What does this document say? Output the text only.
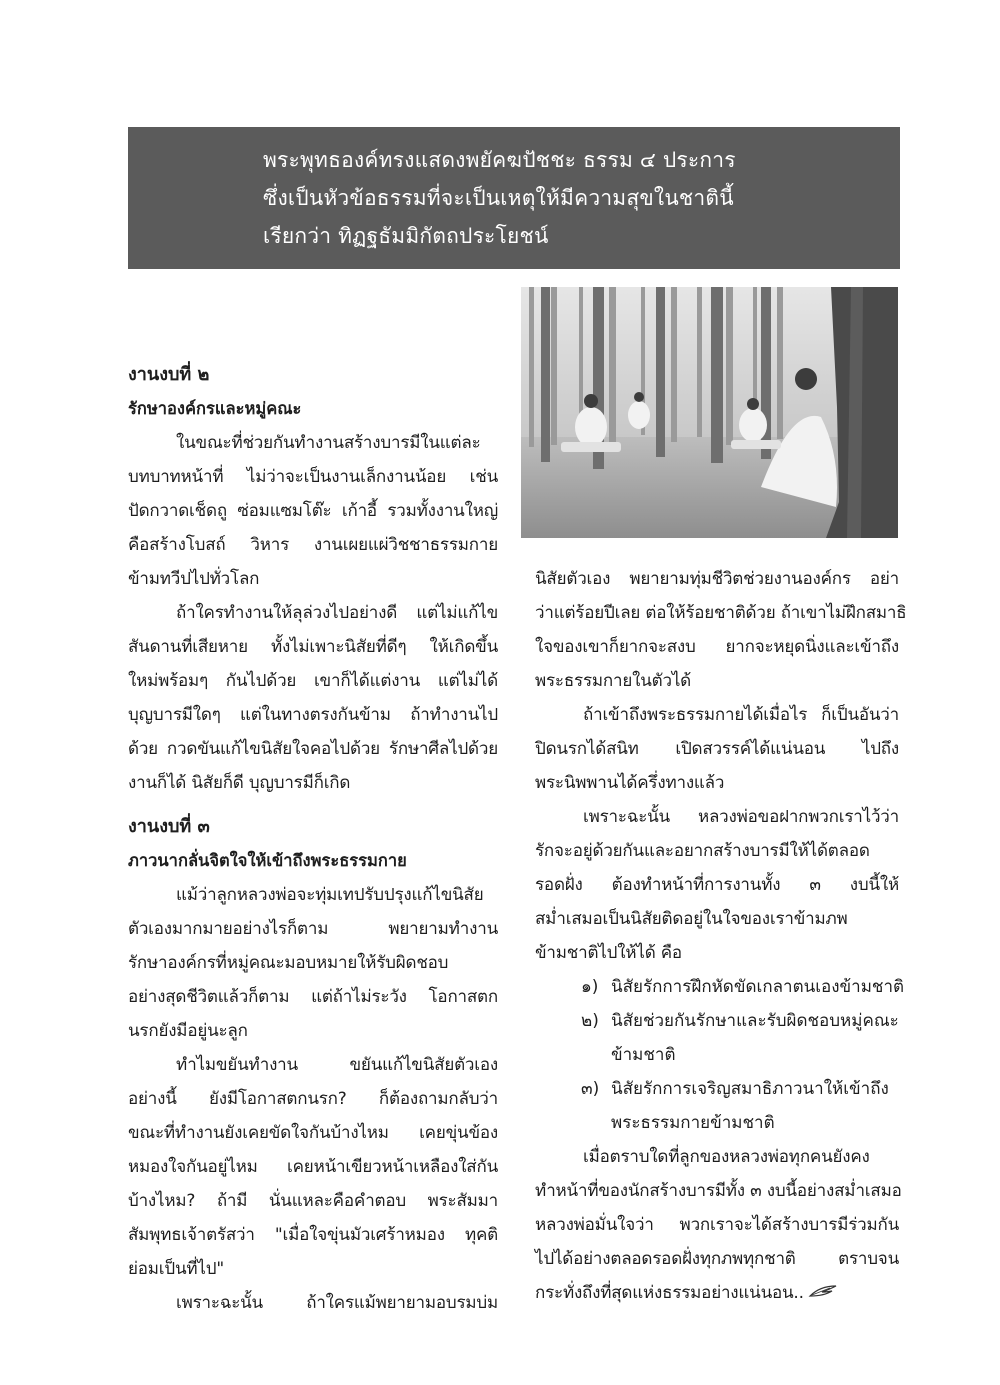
พระพุทธองค์ทรงแสดงพยัคฆปัชชะ ธรรม ๔ ประการ
ซึ่งเป็นหัวข้อธรรมที่จะเป็นเหตุให้มีความสุขในชาตินี้
เรียกว่า ทิฏฐธัมมิกัตถประโยชน์
งานงบที่ ๒
รักษาองค์กรและหมู่คณะ
ในขณะที่ช่วยกันทำงานสร้างบารมีในแต่ละ
บทบาทหน้าที่ ไม่ว่าจะเป็นงานเล็กงานน้อย เช่น
ปัดกวาดเช็ดถู ซ่อมแซมโต๊ะ เก้าอี้ รวมทั้งงานใหญ่
คือสร้างโบสถ์ วิหาร งานเผยแผ่วิชชาธรรมกาย
ข้ามทวีปไปทั่วโลก
ถ้าใครทำงานให้ลุล่วงไปอย่างดี แต่ไม่แก้ไข
สันดานที่เสียหาย ทั้งไม่เพาะนิสัยที่ดีๆ ให้เกิดขึ้น
ใหม่พร้อมๆ กันไปด้วย เขาก็ได้แต่งาน แต่ไม่ได้
บุญบารมีใดๆ แต่ในทางตรงกันข้าม ถ้าทำงานไป
ด้วย กวดขันแก้ไขนิสัยใจคอไปด้วย รักษาศีลไปด้วย
งานก็ได้ นิสัยก็ดี บุญบารมีก็เกิด
งานงบที่ ๓
ภาวนากลั่นจิตใจให้เข้าถึงพระธรรมกาย
แม้ว่าลูกหลวงพ่อจะทุ่มเทปรับปรุงแก้ไขนิสัย
ตัวเองมากมายอย่างไรก็ตาม พยายามทำงาน
รักษาองค์กรที่หมู่คณะมอบหมายให้รับผิดชอบ
อย่างสุดชีวิตแล้วก็ตาม แต่ถ้าไม่ระวัง โอกาสตก
นรกยังมีอยู่นะลูก
ทำไมขยันทำงาน ขยันแก้ไขนิสัยตัวเอง
อย่างนี้ ยังมีโอกาสตกนรก? ก็ต้องถามกลับว่า
ขณะที่ทำงานยังเคยขัดใจกันบ้างไหม เคยขุ่นข้อง
หมองใจกันอยู่ไหม เคยหน้าเขียวหน้าเหลืองใส่กัน
บ้างไหม? ถ้ามี นั่นแหละคือคำตอบ พระสัมมา
สัมพุทธเจ้าตรัสว่า "เมื่อใจขุ่นมัวเศร้าหมอง ทุคติ
ย่อมเป็นที่ไป"
เพราะฉะนั้น ถ้าใครแม้พยายามอบรมบ่ม
นิสัยตัวเอง พยายามทุ่มชีวิตช่วยงานองค์กร อย่า
ว่าแต่ร้อยปีเลย ต่อให้ร้อยชาติด้วย ถ้าเขาไม่ฝึกสมาธิ
ใจของเขาก็ยากจะสงบ ยากจะหยุดนิ่งและเข้าถึง
พระธรรมกายในตัวได้
ถ้าเข้าถึงพระธรรมกายได้เมื่อไร ก็เป็นอันว่า
ปิดนรกได้สนิท เปิดสวรรค์ได้แน่นอน ไปถึง
พระนิพพานได้ครึ่งทางแล้ว
เพราะฉะนั้น หลวงพ่อขอฝากพวกเราไว้ว่า
รักจะอยู่ด้วยกันและอยากสร้างบารมีให้ได้ตลอด
รอดฝั่ง ต้องทำหน้าที่การงานทั้ง ๓ งบนี้ให้
สม่ำเสมอเป็นนิสัยติดอยู่ในใจของเราข้ามภพ
ข้ามชาติไปให้ได้ คือ
๑) นิสัยรักการฝึกหัดขัดเกลาตนเองข้ามชาติ
๒) นิสัยช่วยกันรักษาและรับผิดชอบหมู่คณะ
ข้ามชาติ
๓) นิสัยรักการเจริญสมาธิภาวนาให้เข้าถึง
พระธรรมกายข้ามชาติ
เมื่อตราบใดที่ลูกของหลวงพ่อทุกคนยังคง
ทำหน้าที่ของนักสร้างบารมีทั้ง ๓ งบนี้อย่างสม่ำเสมอ
หลวงพ่อมั่นใจว่า พวกเราจะได้สร้างบารมีร่วมกัน
ไปได้อย่างตลอดรอดฝั่งทุกภพทุกชาติ ตราบจน
กระทั่งถึงที่สุดแห่งธรรมอย่างแน่นอน..
